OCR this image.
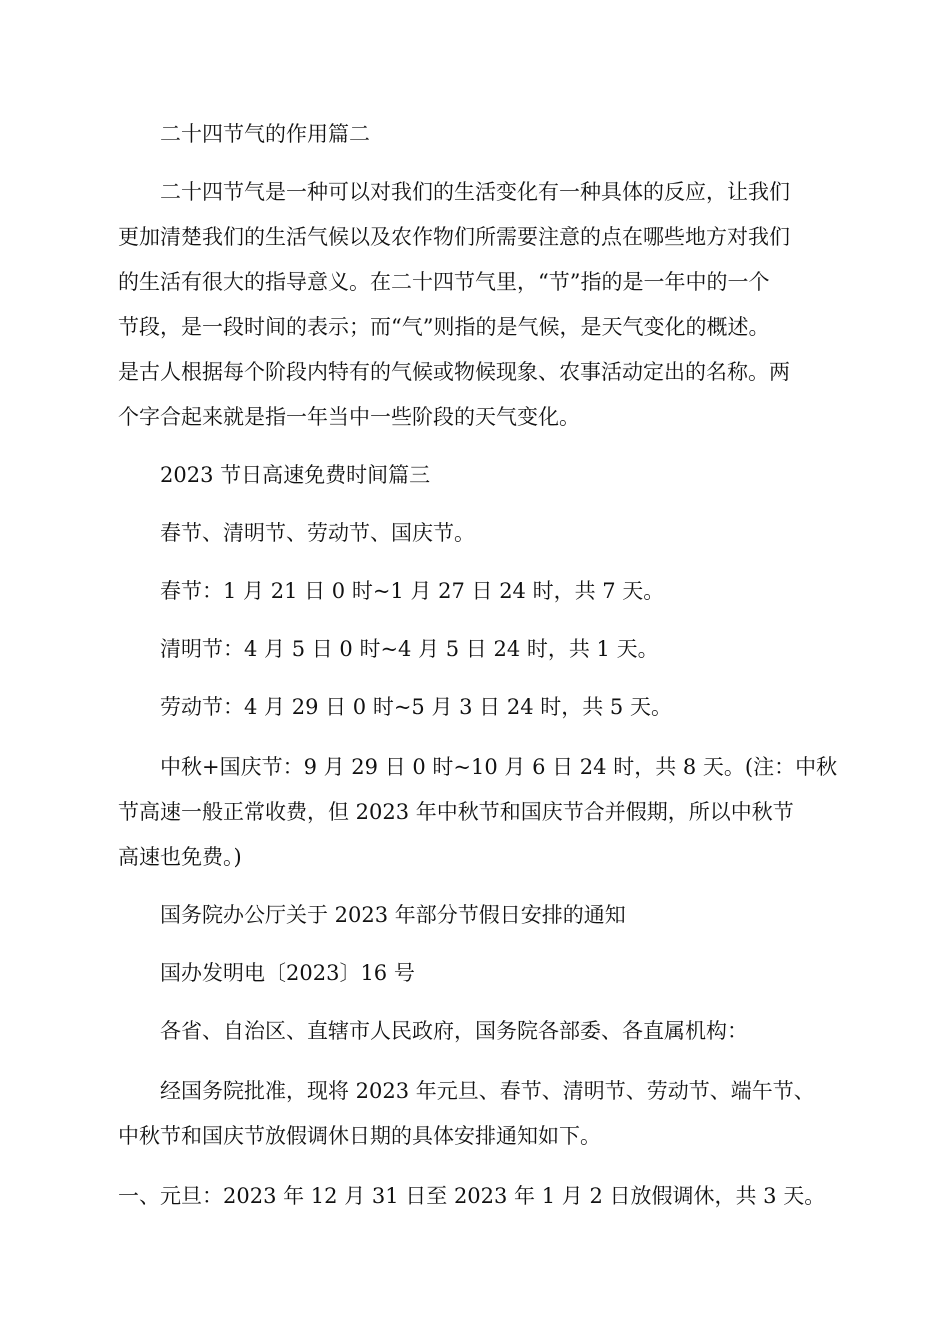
二十四节气的作用篇二
二十四节气是一种可以对我们的生活变化有一种具体的反应，让我们
更加清楚我们的生活气候以及农作物们所需要注意的点在哪些地方对我们
的生活有很大的指导意义。在二十四节气里，“节”指的是一年中的一个
节段，是一段时间的表示；而“气”则指的是气候，是天气变化的概述。
是古人根据每个阶段内特有的气候或物候现象、农事活动定出的名称。两
个字合起来就是指一年当中一些阶段的天气变化。
2023 节日高速免费时间篇三
春节、清明节、劳动节、国庆节。
春节：1 月 21 日 0 时~1 月 27 日 24 时，共 7 天。
清明节：4 月 5 日 0 时~4 月 5 日 24 时，共 1 天。
劳动节：4 月 29 日 0 时~5 月 3 日 24 时，共 5 天。
中秋+国庆节：9 月 29 日 0 时~10 月 6 日 24 时，共 8 天。(注：中秋
节高速一般正常收费，但 2023 年中秋节和国庆节合并假期，所以中秋节
高速也免费。)
国务院办公厅关于 2023 年部分节假日安排的通知
国办发明电〔2023〕16 号
各省、自治区、直辖市人民政府，国务院各部委、各直属机构：
经国务院批准，现将 2023 年元旦、春节、清明节、劳动节、端午节、
中秋节和国庆节放假调休日期的具体安排通知如下。
一、元旦：2023 年 12 月 31 日至 2023 年 1 月 2 日放假调休，共 3 天。
